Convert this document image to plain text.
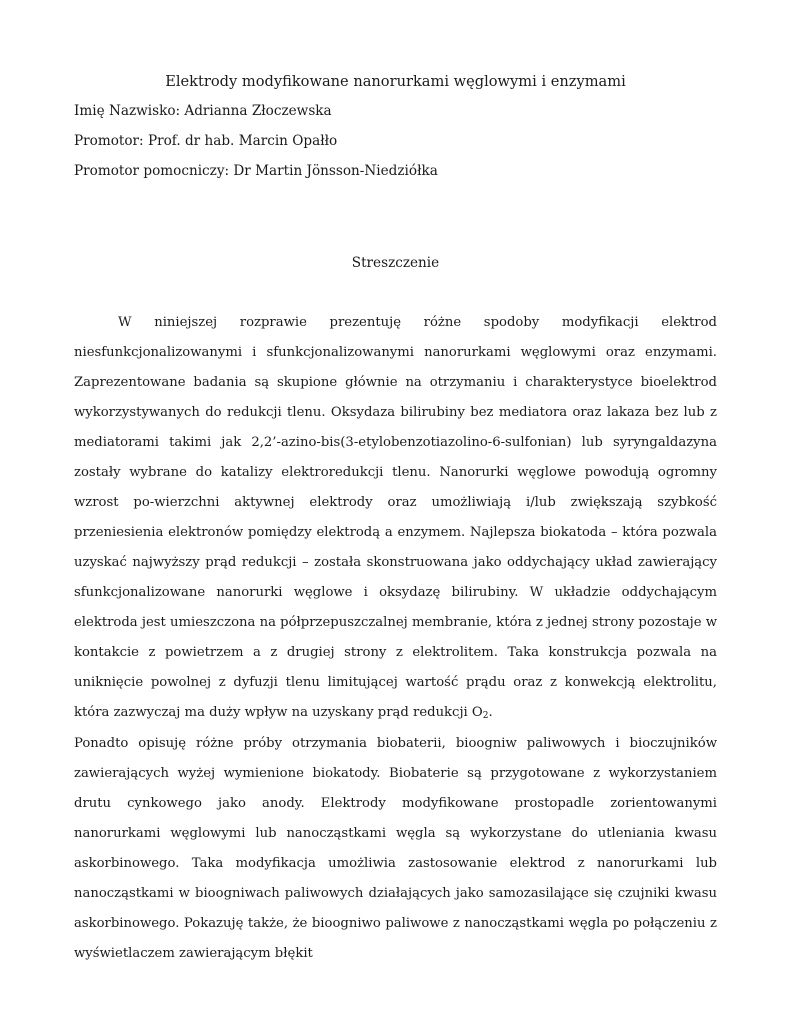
Elektrody modyfikowane nanorurkami węglowymi i enzymami

Imię Nazwisko: Adrianna Złoczewska

Promotor: Prof. dr hab. Marcin Opałło

Promotor pomocniczy: Dr Martin Jönsson-Niedziółka

Streszczenie

W niniejszej rozprawie prezentuję różne spodoby modyfikacji elektrod niesfunkcjonalizowanymi i sfunkcjonalizowanymi nanorurkami węglowymi oraz enzymami. Zaprezentowane badania są skupione głównie na otrzymaniu i charakterystyce bioelektrod wykorzystywanych do redukcji tlenu. Oksydaza bilirubiny bez mediatora oraz lakaza bez lub z mediatorami takimi jak 2,2’-azino-bis(3-etylobenzotiazolino-6-sulfonian) lub syryngaldazyna zostały wybrane do katalizy elektroredukcji tlenu. Nanorurki węglowe powodują ogromny wzrost po-wierzchni aktywnej elektrody oraz umożliwiają i/lub zwiększają szybkość przeniesienia elektronów pomiędzy elektrodą a enzymem. Najlepsza biokatoda – która pozwala uzyskać najwyższy prąd redukcji – została skonstruowana jako oddychający układ zawierający sfunkcjonalizowane nanorurki węglowe i oksydazę bilirubiny. W układzie oddychającym elektroda jest umieszczona na półprzepuszczalnej membranie, która z jednej strony pozostaje w kontakcie z powietrzem a z drugiej strony z elektrolitem. Taka konstrukcja pozwala na uniknięcie powolnej z dyfuzji tlenu limitującej wartość prądu oraz z konwekcją elektrolitu, która zazwyczaj ma duży wpływ na uzyskany prąd redukcji $O_2$.

Ponadto opisuję różne próby otrzymania biobaterii, bioogniw paliwowych i bioczujników zawierających wyżej wymienione biokatody. Biobaterie są przygotowane z wykorzystaniem drutu cynkowego jako anody. Elektrody modyfikowane prostopadle zorientowanymi nanorurkami węglowymi lub nanocząstkami węgla są wykorzystane do utleniania kwasu askorbinowego. Taka modyfikacja umożliwia zastosowanie elektrod z nanorurkami lub nanocząstkami w bioogniwach paliwowych działających jako samozasilające się czujniki kwasu askorbinowego. Pokazuję także, że bioogniwo paliwowe z nanocząstkami węgla po połączeniu z wyświetlaczem zawierającym błękit
